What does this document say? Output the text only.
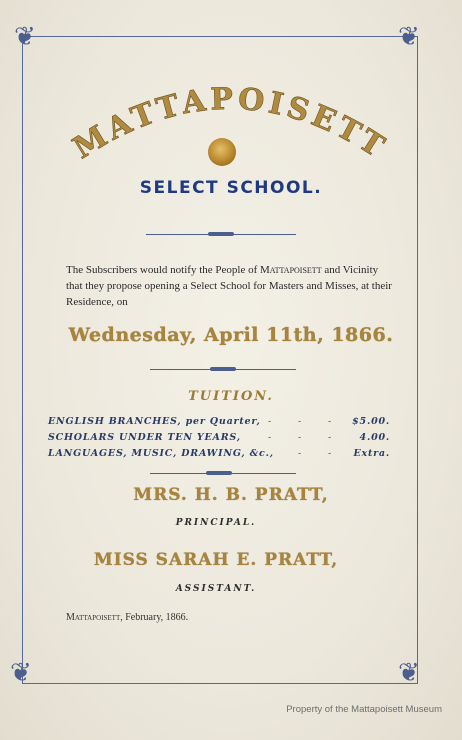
❦	❦
❦	❦
MATTAPOISETT
SELECT SCHOOL.
The Subscribers would notify the People of Mattapoisett and Vicinity that they propose opening a Select School for Masters and Misses, at their Residence, on
Wednesday, April 11th, 1866.
TUITION.
ENGLISH BRANCHES, per Quarter, -	-	- $5.00.
SCHOLARS UNDER TEN YEARS,	-	-	-	4.00.
LANGUAGES, MUSIC, DRAWING, &c.,	-	- Extra.
MRS. H. B. PRATT,
PRINCIPAL.
MISS SARAH E. PRATT,
ASSISTANT.
Mattapoisett, February, 1866.
Property of the Mattapoisett Museum
